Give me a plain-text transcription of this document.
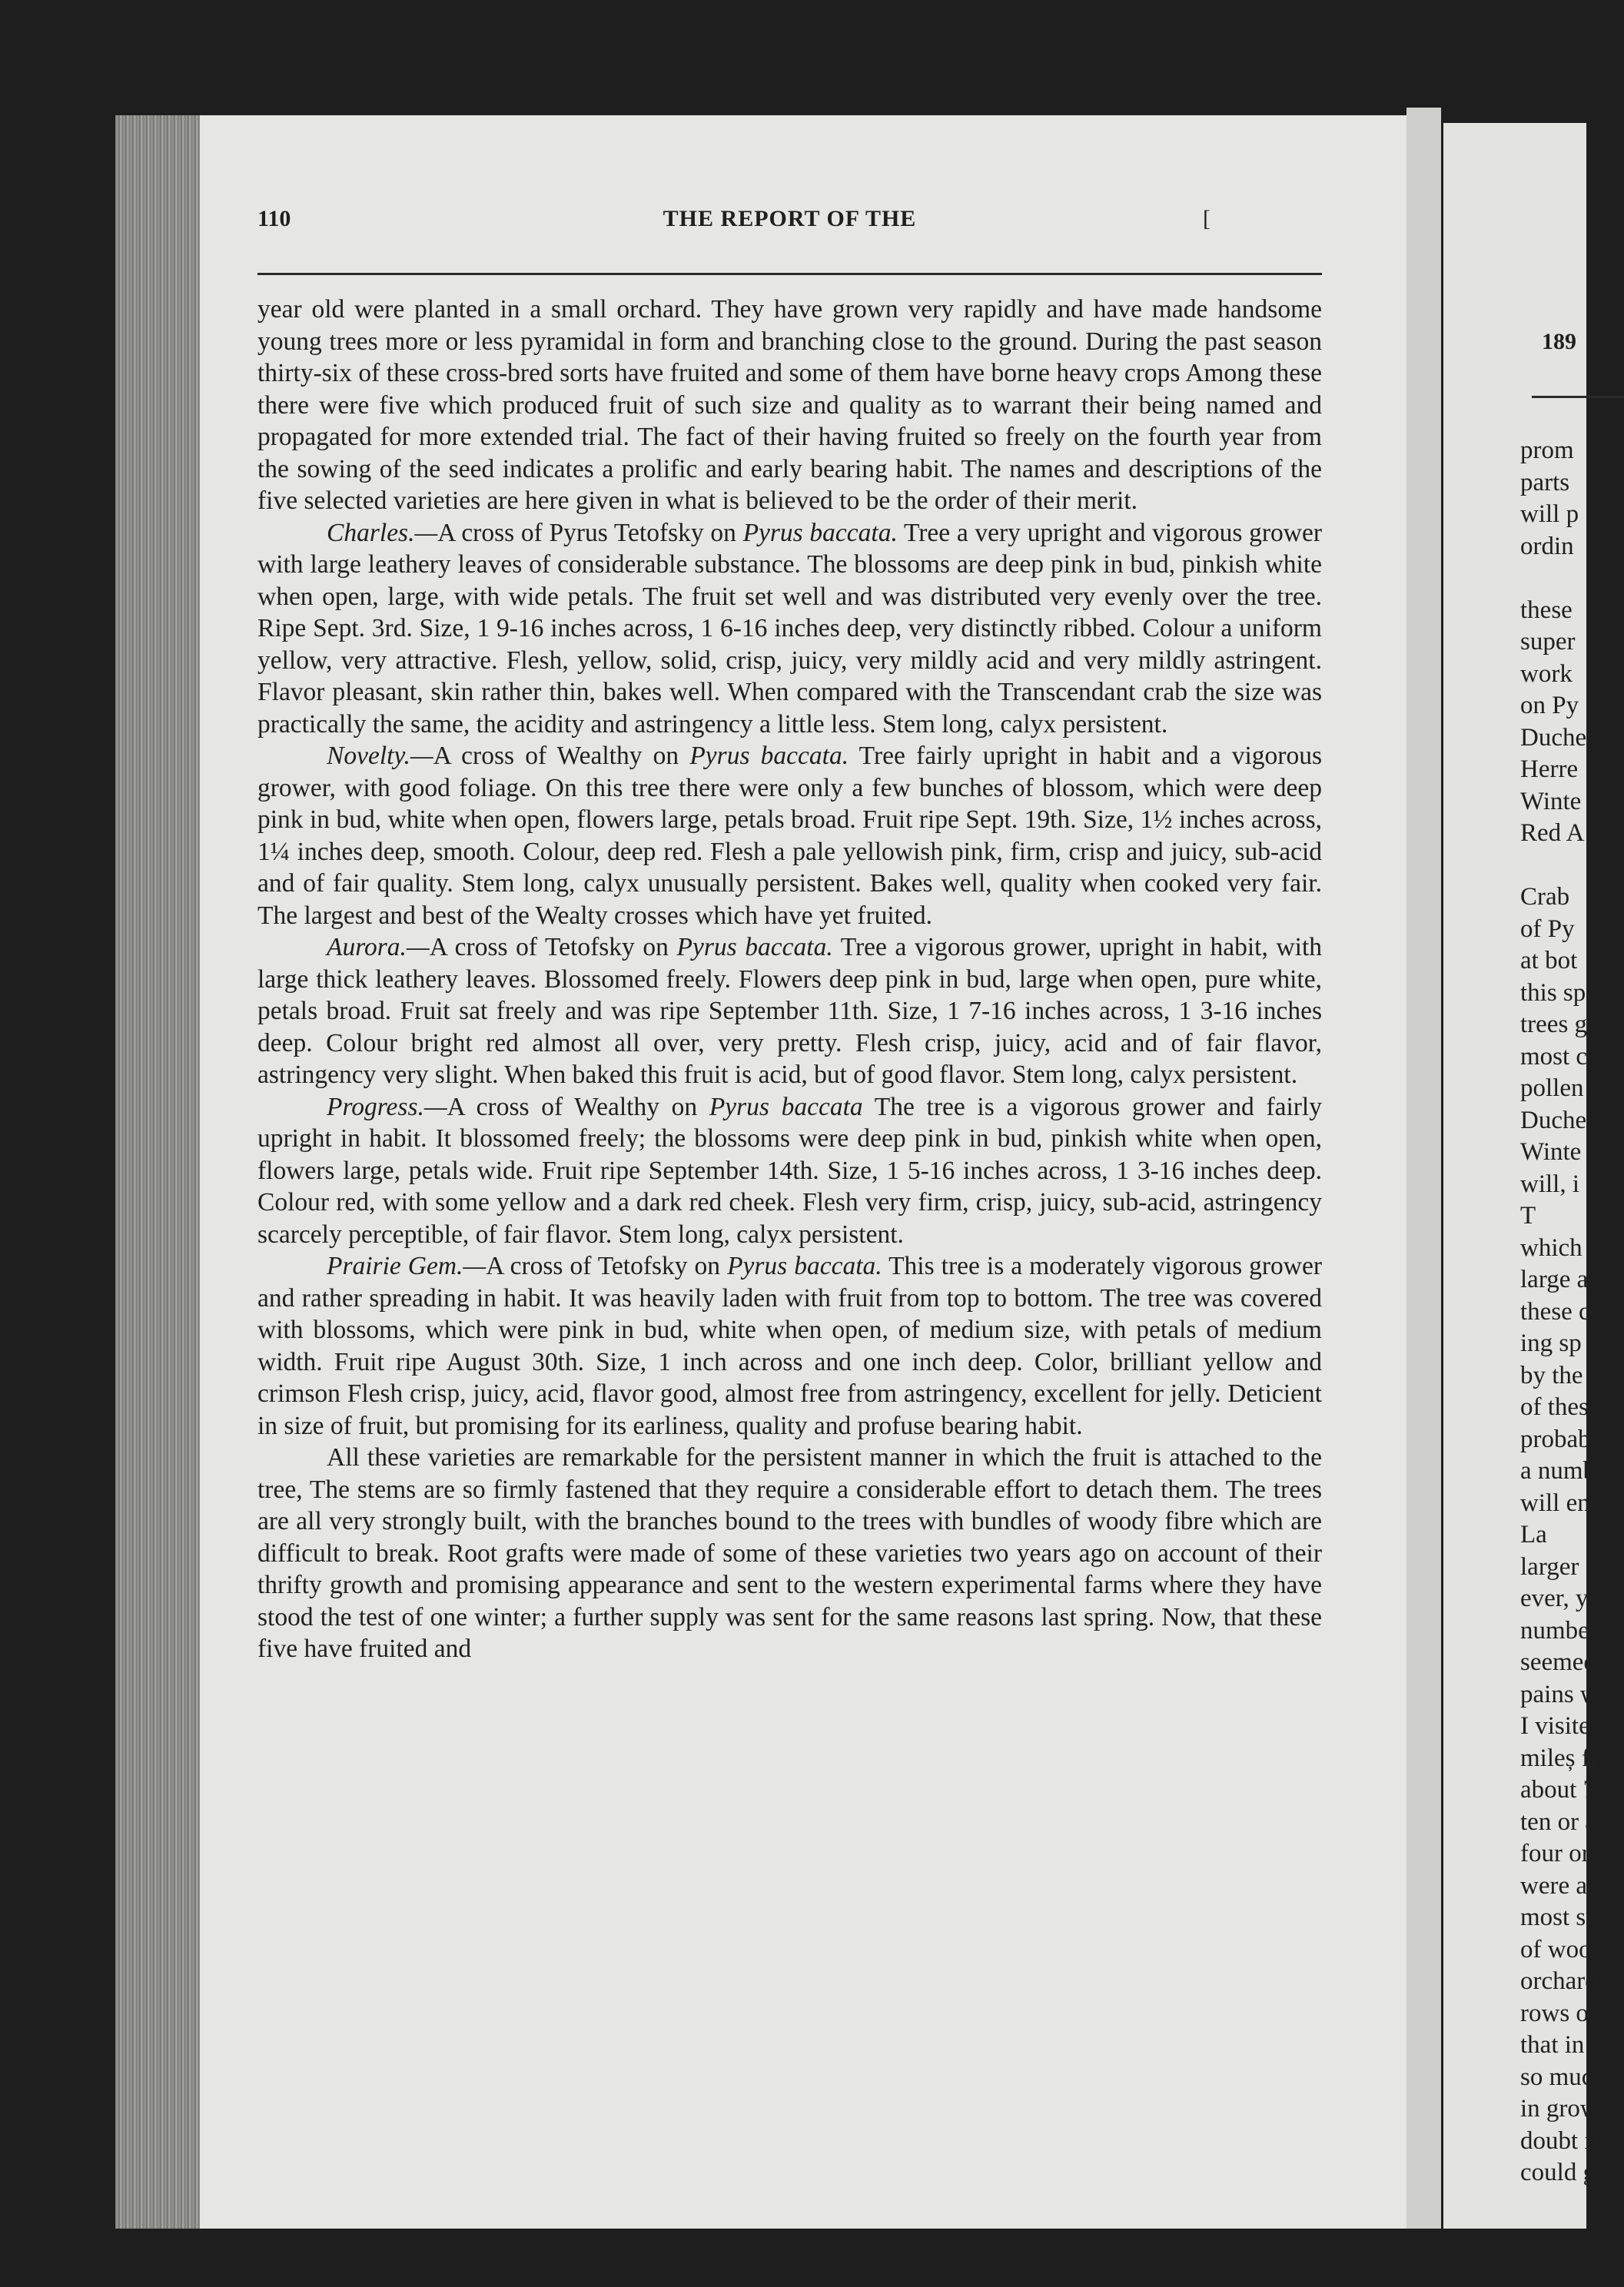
110	THE REPORT OF THE	[

year old were planted in a small orchard. They have grown very rapidly and have made handsome young trees more or less pyramidal in form and branching close to the ground. During the past season thirty-six of these cross-bred sorts have fruited and some of them have borne heavy crops Among these there were five which produced fruit of such size and quality as to warrant their being named and propagated for more extended trial. The fact of their having fruited so freely on the fourth year from the sowing of the seed indicates a prolific and early bearing habit. The names and descriptions of the five selected varieties are here given in what is believed to be the order of their merit.

Charles.—A cross of Pyrus Tetofsky on Pyrus baccata. Tree a very upright and vigorous grower with large leathery leaves of considerable substance. The blossoms are deep pink in bud, pinkish white when open, large, with wide petals. The fruit set well and was distributed very evenly over the tree. Ripe Sept. 3rd. Size, 1 9-16 inches across, 1 6-16 inches deep, very distinctly ribbed. Colour a uniform yellow, very attractive. Flesh, yellow, solid, crisp, juicy, very mildly acid and very mildly astringent. Flavor pleasant, skin rather thin, bakes well. When compared with the Transcendant crab the size was practically the same, the acidity and astringency a little less. Stem long, calyx persistent.

Novelty.—A cross of Wealthy on Pyrus baccata. Tree fairly upright in habit and a vigorous grower, with good foliage. On this tree there were only a few bunches of blossom, which were deep pink in bud, white when open, flowers large, petals broad. Fruit ripe Sept. 19th. Size, 1½ inches across, 1¼ inches deep, smooth. Colour, deep red. Flesh a pale yellowish pink, firm, crisp and juicy, sub-acid and of fair quality. Stem long, calyx unusually persistent. Bakes well, quality when cooked very fair. The largest and best of the Wealty crosses which have yet fruited.

Aurora.—A cross of Tetofsky on Pyrus baccata. Tree a vigorous grower, upright in habit, with large thick leathery leaves. Blossomed freely. Flowers deep pink in bud, large when open, pure white, petals broad. Fruit sat freely and was ripe September 11th. Size, 1 7-16 inches across, 1 3-16 inches deep. Colour bright red almost all over, very pretty. Flesh crisp, juicy, acid and of fair flavor, astringency very slight. When baked this fruit is acid, but of good flavor. Stem long, calyx persistent.

Progress.—A cross of Wealthy on Pyrus baccata The tree is a vigorous grower and fairly upright in habit. It blossomed freely; the blossoms were deep pink in bud, pinkish white when open, flowers large, petals wide. Fruit ripe September 14th. Size, 1 5-16 inches across, 1 3-16 inches deep. Colour red, with some yellow and a dark red cheek. Flesh very firm, crisp, juicy, sub-acid, astringency scarcely perceptible, of fair flavor. Stem long, calyx persistent.

Prairie Gem.—A cross of Tetofsky on Pyrus baccata. This tree is a moderately vigorous grower and rather spreading in habit. It was heavily laden with fruit from top to bottom. The tree was covered with blossoms, which were pink in bud, white when open, of medium size, with petals of medium width. Fruit ripe August 30th. Size, 1 inch across and one inch deep. Color, brilliant yellow and crimson Flesh crisp, juicy, acid, flavor good, almost free from astringency, excellent for jelly. Deticient in size of fruit, but promising for its earliness, quality and profuse bearing habit.

All these varieties are remarkable for the persistent manner in which the fruit is attached to the tree, The stems are so firmly fastened that they require a considerable effort to detach them. The trees are all very strongly built, with the branches bound to the trees with bundles of woody fibre which are difficult to break. Root grafts were made of some of these varieties two years ago on account of their thrifty growth and promising appearance and sent to the western experimental farms where they have stood the test of one winter; a further supply was sent for the same reasons last spring. Now, that these five have fruited and

189
prom
parts
will p
ordin
these
super
work
on Py
Duche
Herre
Winte
Red A
Crab
of Py
at bot
this sp
trees g
most c
pollen
Duche
Winte
will, i
T
which
large a
these c
ing sp
by the
of thes
probab
a numb
will en
La
larger
ever, y
numbe
seemed
pains w
I visite
mileș fr
about 7
ten or a
four or
were a
most su
of wood
orchard
rows of
that in
so much
in grow
doubt if
could ge
